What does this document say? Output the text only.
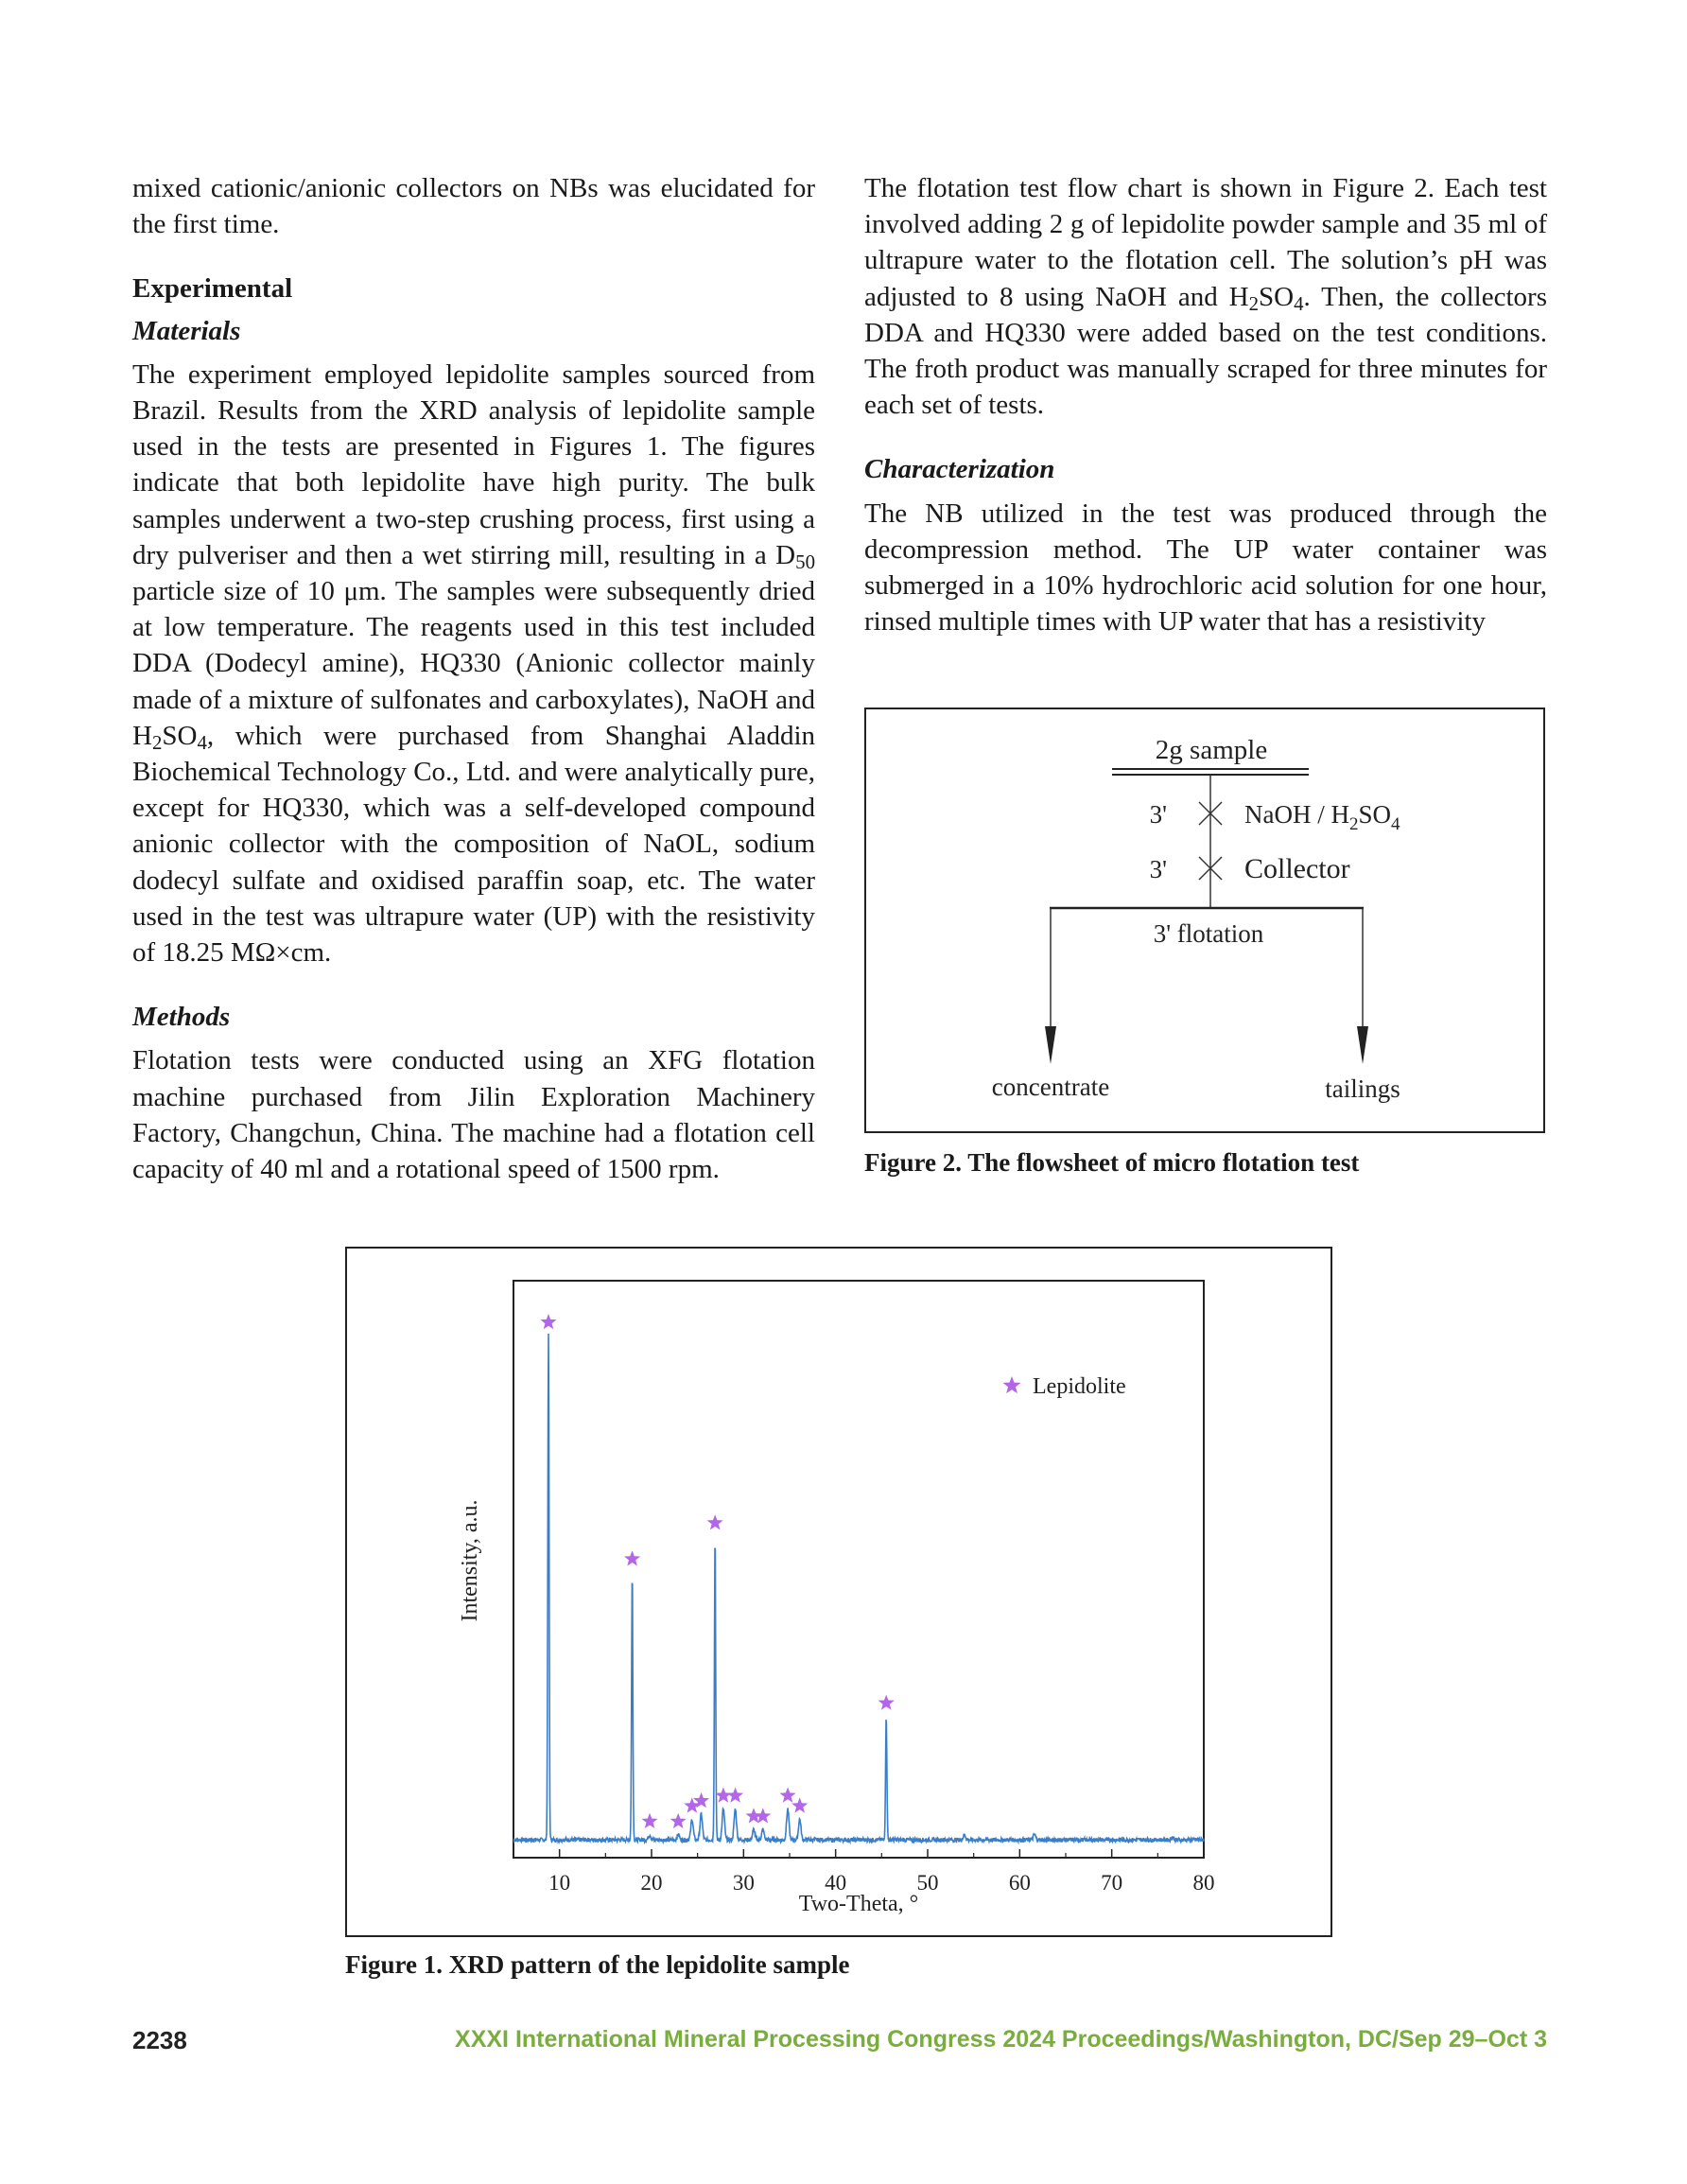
mixed cationic/anionic collectors on NBs was elucidated for the first time.

Experimental
Materials

The experiment employed lepidolite samples sourced from Brazil. Results from the XRD analysis of lepidolite sample used in the tests are presented in Figures 1. The figures indicate that both lepidolite have high purity. The bulk samples underwent a two-step crushing process, first using a dry pulveriser and then a wet stirring mill, resulting in a $D_{50}$ particle size of 10 μm. The samples were subsequently dried at low temperature. The reagents used in this test included DDA (Dodecyl amine), HQ330 (Anionic collector mainly made of a mixture of sulfonates and carboxylates), NaOH and $H_2SO_4$, which were purchased from Shanghai Aladdin Biochemical Technology Co., Ltd. and were analytically pure, except for HQ330, which was a self-developed compound anionic collector with the composition of NaOL, sodium dodecyl sulfate and oxidised paraffin soap, etc. The water used in the test was ultrapure water (UP) with the resistivity of 18.25 MΩ×cm.

Methods

Flotation tests were conducted using an XFG flotation machine purchased from Jilin Exploration Machinery Factory, Changchun, China. The machine had a flotation cell capacity of 40 ml and a rotational speed of 1500 rpm.

The flotation test flow chart is shown in Figure 2. Each test involved adding 2 g of lepidolite powder sample and 35 ml of ultrapure water to the flotation cell. The solution’s pH was adjusted to 8 using NaOH and $H_2SO_4$. Then, the collectors DDA and HQ330 were added based on the test conditions. The froth product was manually scraped for three minutes for each set of tests.

Characterization

The NB utilized in the test was produced through the decompression method. The UP water container was submerged in a 10% hydrochloric acid solution for one hour, rinsed multiple times with UP water that has a resistivity

2g sample
3'	NaOH / $H_2SO_4$
3'	Collector
3' flotation
concentrate	tailings
Figure 2. The flowsheet of micro flotation test
10	20	30	40	50	60	70	80
Lepidolite
Two-Theta, °
Intensity, a.u.
Figure 1. XRD pattern of the lepidolite sample
2238	XXXI International Mineral Processing Congress 2024 Proceedings/Washington, DC/Sep 29–Oct 3
